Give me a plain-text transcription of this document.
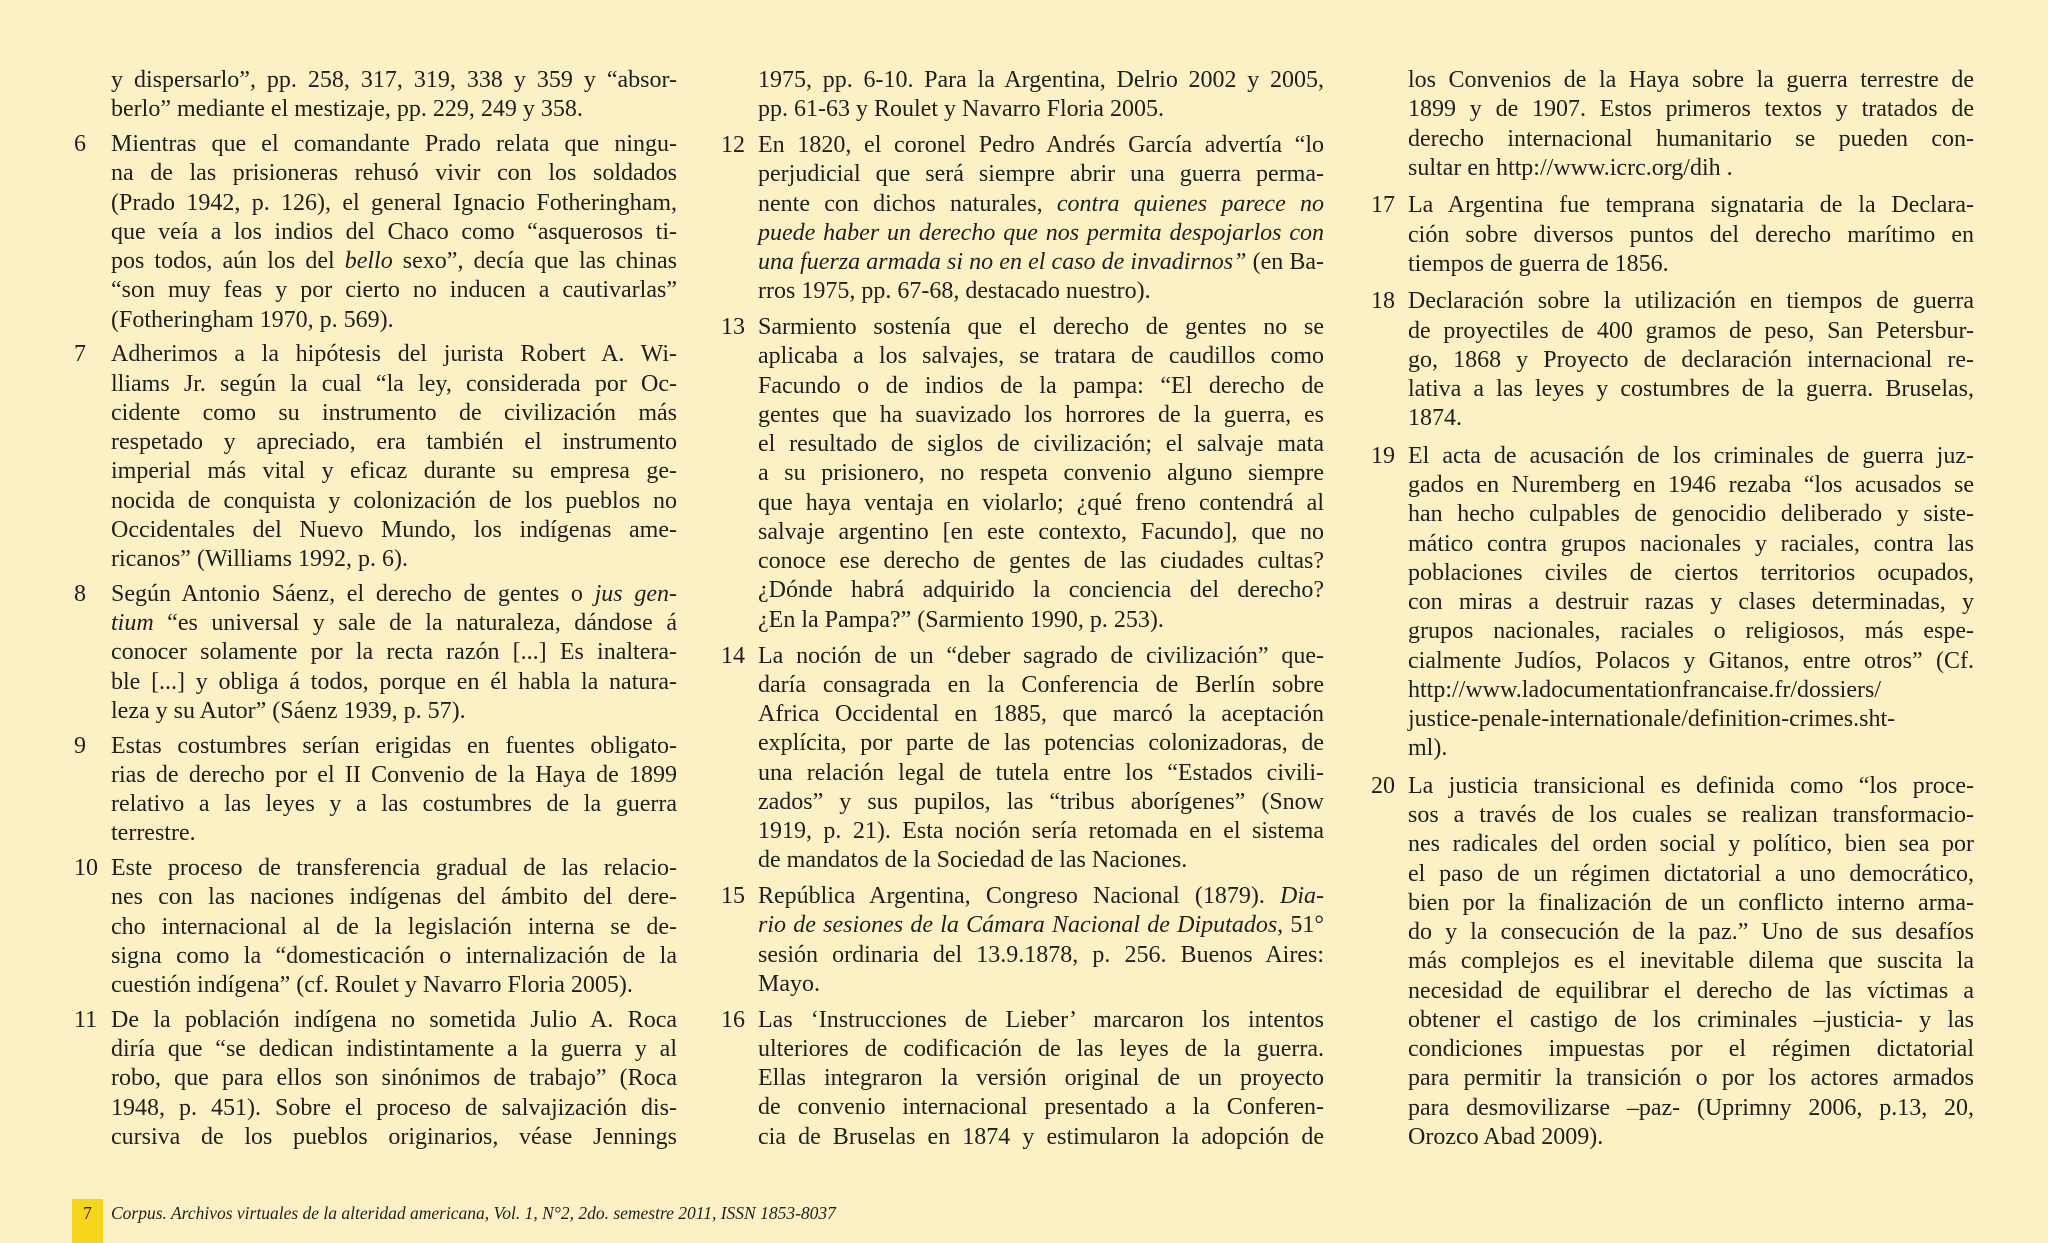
y dispersarlo”, pp. 258, 317, 319, 338 y 359 y “absor-
berlo” mediante el mestizaje, pp. 229, 249 y 358.
6 Mientras que el comandante Prado relata que ningu-
na de las prisioneras rehusó vivir con los soldados
(Prado 1942, p. 126), el general Ignacio Fotheringham,
que veía a los indios del Chaco como “asquerosos ti-
pos todos, aún los del bello sexo”, decía que las chinas
“son muy feas y por cierto no inducen a cautivarlas”
(Fotheringham 1970, p. 569).
7 Adherimos a la hipótesis del jurista Robert A. Wi-
lliams Jr. según la cual “la ley, considerada por Oc-
cidente como su instrumento de civilización más
respetado y apreciado, era también el instrumento
imperial más vital y eficaz durante su empresa ge-
nocida de conquista y colonización de los pueblos no
Occidentales del Nuevo Mundo, los indígenas ame-
ricanos” (Williams 1992, p. 6).
8 Según Antonio Sáenz, el derecho de gentes o jus gen-
tium “es universal y sale de la naturaleza, dándose á
conocer solamente por la recta razón [...] Es inaltera-
ble [...] y obliga á todos, porque en él habla la natura-
leza y su Autor” (Sáenz 1939, p. 57).
9 Estas costumbres serían erigidas en fuentes obligato-
rias de derecho por el II Convenio de la Haya de 1899
relativo a las leyes y a las costumbres de la guerra
terrestre.
10 Este proceso de transferencia gradual de las relacio-
nes con las naciones indígenas del ámbito del dere-
cho internacional al de la legislación interna se de-
signa como la “domesticación o internalización de la
cuestión indígena” (cf. Roulet y Navarro Floria 2005).
11 De la población indígena no sometida Julio A. Roca
diría que “se dedican indistintamente a la guerra y al
robo, que para ellos son sinónimos de trabajo” (Roca
1948, p. 451). Sobre el proceso de salvajización dis-
cursiva de los pueblos originarios, véase Jennings
1975, pp. 6-10. Para la Argentina, Delrio 2002 y 2005,
pp. 61-63 y Roulet y Navarro Floria 2005.
12 En 1820, el coronel Pedro Andrés García advertía “lo
perjudicial que será siempre abrir una guerra perma-
nente con dichos naturales, contra quienes parece no
puede haber un derecho que nos permita despojarlos con
una fuerza armada si no en el caso de invadirnos” (en Ba-
rros 1975, pp. 67-68, destacado nuestro).
13 Sarmiento sostenía que el derecho de gentes no se
aplicaba a los salvajes, se tratara de caudillos como
Facundo o de indios de la pampa: “El derecho de
gentes que ha suavizado los horrores de la guerra, es
el resultado de siglos de civilización; el salvaje mata
a su prisionero, no respeta convenio alguno siempre
que haya ventaja en violarlo; ¿qué freno contendrá al
salvaje argentino [en este contexto, Facundo], que no
conoce ese derecho de gentes de las ciudades cultas?
¿Dónde habrá adquirido la conciencia del derecho?
¿En la Pampa?” (Sarmiento 1990, p. 253).
14 La noción de un “deber sagrado de civilización” que-
daría consagrada en la Conferencia de Berlín sobre
Africa Occidental en 1885, que marcó la aceptación
explícita, por parte de las potencias colonizadoras, de
una relación legal de tutela entre los “Estados civili-
zados” y sus pupilos, las “tribus aborígenes” (Snow
1919, p. 21). Esta noción sería retomada en el sistema
de mandatos de la Sociedad de las Naciones.
15 República Argentina, Congreso Nacional (1879). Dia-
rio de sesiones de la Cámara Nacional de Diputados, 51°
sesión ordinaria del 13.9.1878, p. 256. Buenos Aires:
Mayo.
16 Las ‘Instrucciones de Lieber’ marcaron los intentos
ulteriores de codificación de las leyes de la guerra.
Ellas integraron la versión original de un proyecto
de convenio internacional presentado a la Conferen-
cia de Bruselas en 1874 y estimularon la adopción de
los Convenios de la Haya sobre la guerra terrestre de
1899 y de 1907. Estos primeros textos y tratados de
derecho internacional humanitario se pueden con-
sultar en http://www.icrc.org/dih .
17 La Argentina fue temprana signataria de la Declara-
ción sobre diversos puntos del derecho marítimo en
tiempos de guerra de 1856.
18 Declaración sobre la utilización en tiempos de guerra
de proyectiles de 400 gramos de peso, San Petersbur-
go, 1868 y Proyecto de declaración internacional re-
lativa a las leyes y costumbres de la guerra. Bruselas,
1874.
19 El acta de acusación de los criminales de guerra juz-
gados en Nuremberg en 1946 rezaba “los acusados se
han hecho culpables de genocidio deliberado y siste-
mático contra grupos nacionales y raciales, contra las
poblaciones civiles de ciertos territorios ocupados,
con miras a destruir razas y clases determinadas, y
grupos nacionales, raciales o religiosos, más espe-
cialmente Judíos, Polacos y Gitanos, entre otros” (Cf.
http://www.ladocumentationfrancaise.fr/dossiers/
justice-penale-internationale/definition-crimes.sht-
ml).
20 La justicia transicional es definida como “los proce-
sos a través de los cuales se realizan transformacio-
nes radicales del orden social y político, bien sea por
el paso de un régimen dictatorial a uno democrático,
bien por la finalización de un conflicto interno arma-
do y la consecución de la paz.” Uno de sus desafíos
más complejos es el inevitable dilema que suscita la
necesidad de equilibrar el derecho de las víctimas a
obtener el castigo de los criminales –justicia- y las
condiciones impuestas por el régimen dictatorial
para permitir la transición o por los actores armados
para desmovilizarse –paz- (Uprimny 2006, p.13, 20,
Orozco Abad 2009).
7	Corpus. Archivos virtuales de la alteridad americana, Vol. 1, N°2, 2do. semestre 2011, ISSN 1853-8037
